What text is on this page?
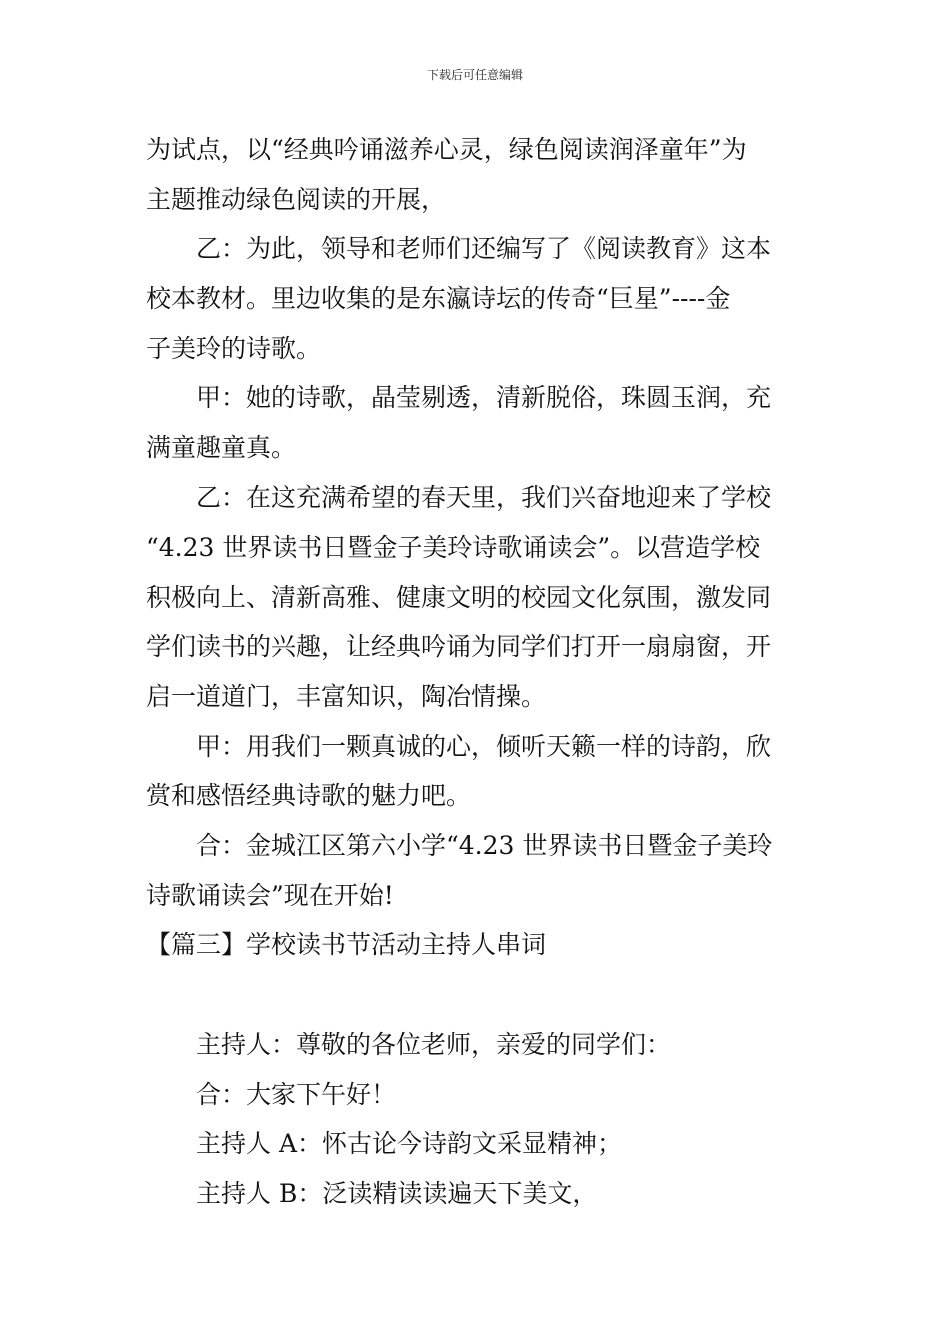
下载后可任意编辑
为试点，以“经典吟诵滋养心灵，绿色阅读润泽童年”为
主题推动绿色阅读的开展，
乙：为此，领导和老师们还编写了《阅读教育》这本
校本教材。里边收集的是东瀛诗坛的传奇“巨星”----金
子美玲的诗歌。
甲：她的诗歌，晶莹剔透，清新脱俗，珠圆玉润，充
满童趣童真。
乙：在这充满希望的春天里，我们兴奋地迎来了学校
“4.23 世界读书日暨金子美玲诗歌诵读会”。以营造学校
积极向上、清新高雅、健康文明的校园文化氛围，激发同
学们读书的兴趣，让经典吟诵为同学们打开一扇扇窗，开
启一道道门，丰富知识，陶冶情操。
甲：用我们一颗真诚的心，倾听天籁一样的诗韵，欣
赏和感悟经典诗歌的魅力吧。
合：金城江区第六小学“4.23 世界读书日暨金子美玲
诗歌诵读会”现在开始!
【篇三】学校读书节活动主持人串词
主持人：尊敬的各位老师，亲爱的同学们：
合：大家下午好！
主持人 A：怀古论今诗韵文采显精神；
主持人 B：泛读精读读遍天下美文，
